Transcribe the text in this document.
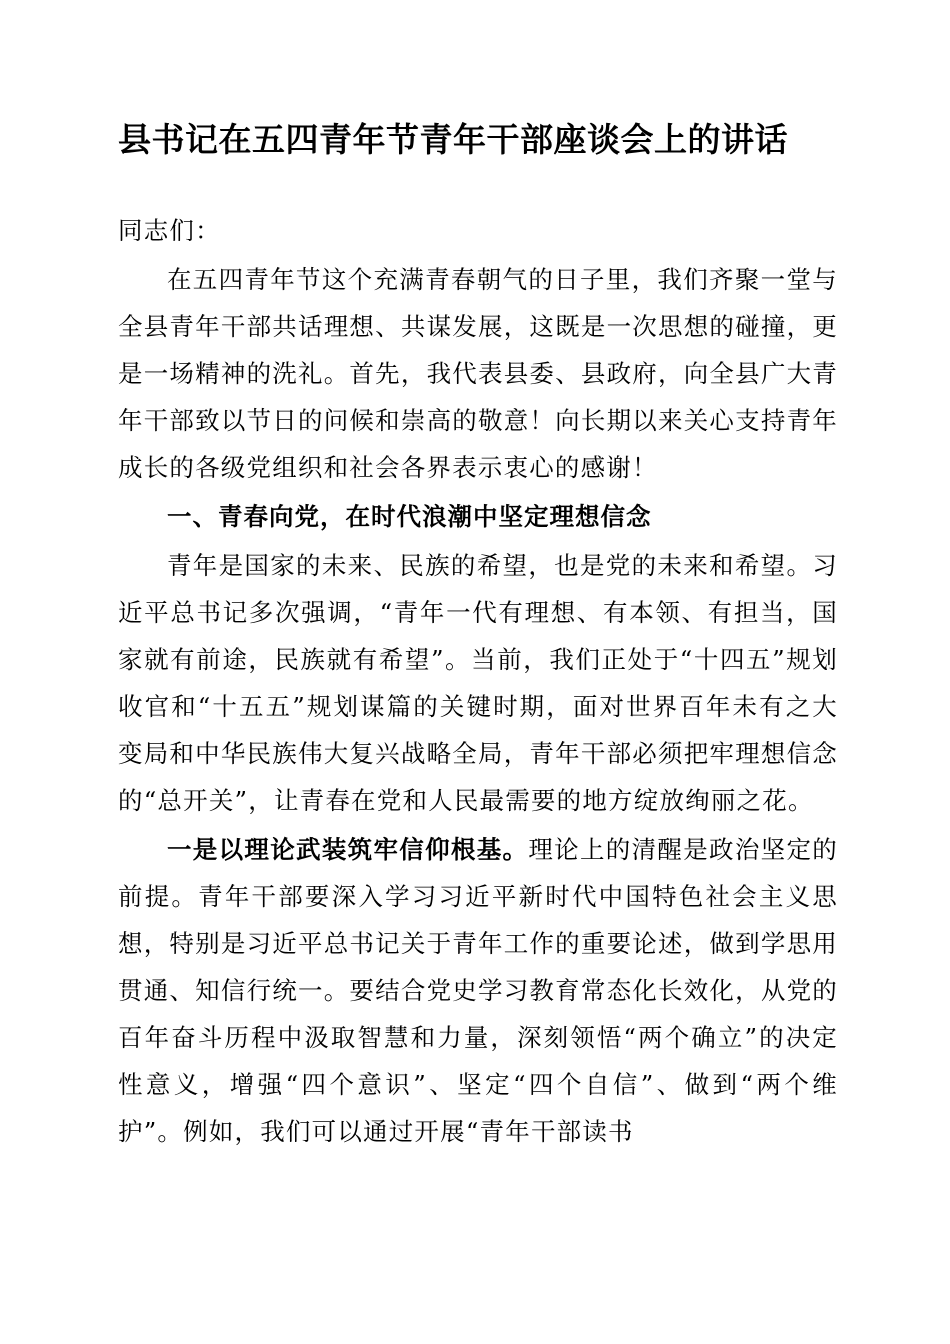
县书记在五四青年节青年干部座谈会上的讲话

同志们：

在五四青年节这个充满青春朝气的日子里，我们齐聚一堂与全县青年干部共话理想、共谋发展，这既是一次思想的碰撞，更是一场精神的洗礼。首先，我代表县委、县政府，向全县广大青年干部致以节日的问候和崇高的敬意！向长期以来关心支持青年成长的各级党组织和社会各界表示衷心的感谢！

一、青春向党，在时代浪潮中坚定理想信念

青年是国家的未来、民族的希望，也是党的未来和希望。习近平总书记多次强调，“青年一代有理想、有本领、有担当，国家就有前途，民族就有希望”。当前，我们正处于“十四五”规划收官和“十五五”规划谋篇的关键时期，面对世界百年未有之大变局和中华民族伟大复兴战略全局，青年干部必须把牢理想信念的“总开关”，让青春在党和人民最需要的地方绽放绚丽之花。

一是以理论武装筑牢信仰根基。理论上的清醒是政治坚定的前提。青年干部要深入学习习近平新时代中国特色社会主义思想，特别是习近平总书记关于青年工作的重要论述，做到学思用贯通、知信行统一。要结合党史学习教育常态化长效化，从党的百年奋斗历程中汲取智慧和力量，深刻领悟“两个确立”的决定性意义，增强“四个意识”、坚定“四个自信”、做到“两个维护”。例如，我们可以通过开展“青年干部读书
